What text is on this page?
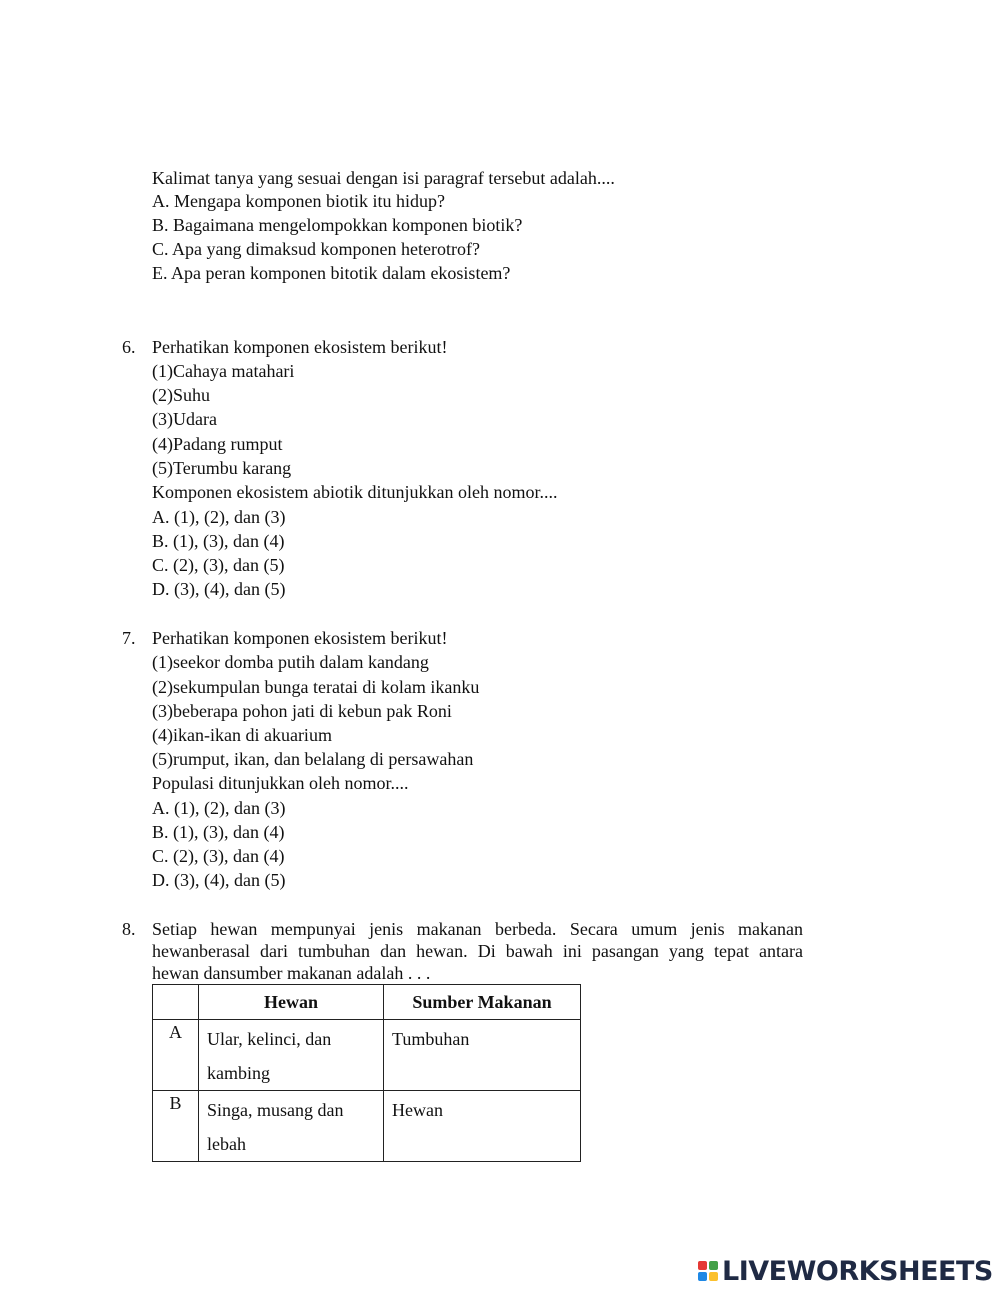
Kalimat tanya yang sesuai dengan isi paragraf tersebut adalah....
A. Mengapa komponen biotik itu hidup?
B. Bagaimana mengelompokkan komponen biotik?
C. Apa yang dimaksud komponen heterotrof?
E. Apa peran komponen bitotik dalam ekosistem?
6. Perhatikan komponen ekosistem berikut!
(1)Cahaya matahari
(2)Suhu
(3)Udara
(4)Padang rumput
(5)Terumbu karang
Komponen ekosistem abiotik ditunjukkan oleh nomor....
A. (1), (2), dan (3)
B. (1), (3), dan (4)
C. (2), (3), dan (5)
D. (3), (4), dan (5)
7. Perhatikan komponen ekosistem berikut!
(1)seekor domba putih dalam kandang
(2)sekumpulan bunga teratai di kolam ikanku
(3)beberapa pohon jati di kebun pak Roni
(4)ikan-ikan di akuarium
(5)rumput, ikan, dan belalang di persawahan
Populasi ditunjukkan oleh nomor....
A. (1), (2), dan (3)
B. (1), (3), dan (4)
C. (2), (3), dan (4)
D. (3), (4), dan (5)
8. Setiap hewan mempunyai jenis makanan berbeda. Secara umum jenis makanan
hewanberasal dari tumbuhan dan hewan. Di bawah ini pasangan yang tepat antara
hewan dansumber makanan adalah . . .
	Hewan	Sumber Makanan
A	Ular, kelinci, dan kambing	Tumbuhan

B	Singa, musang dan lebah	Hewan
LIVEWORKSHEETS
